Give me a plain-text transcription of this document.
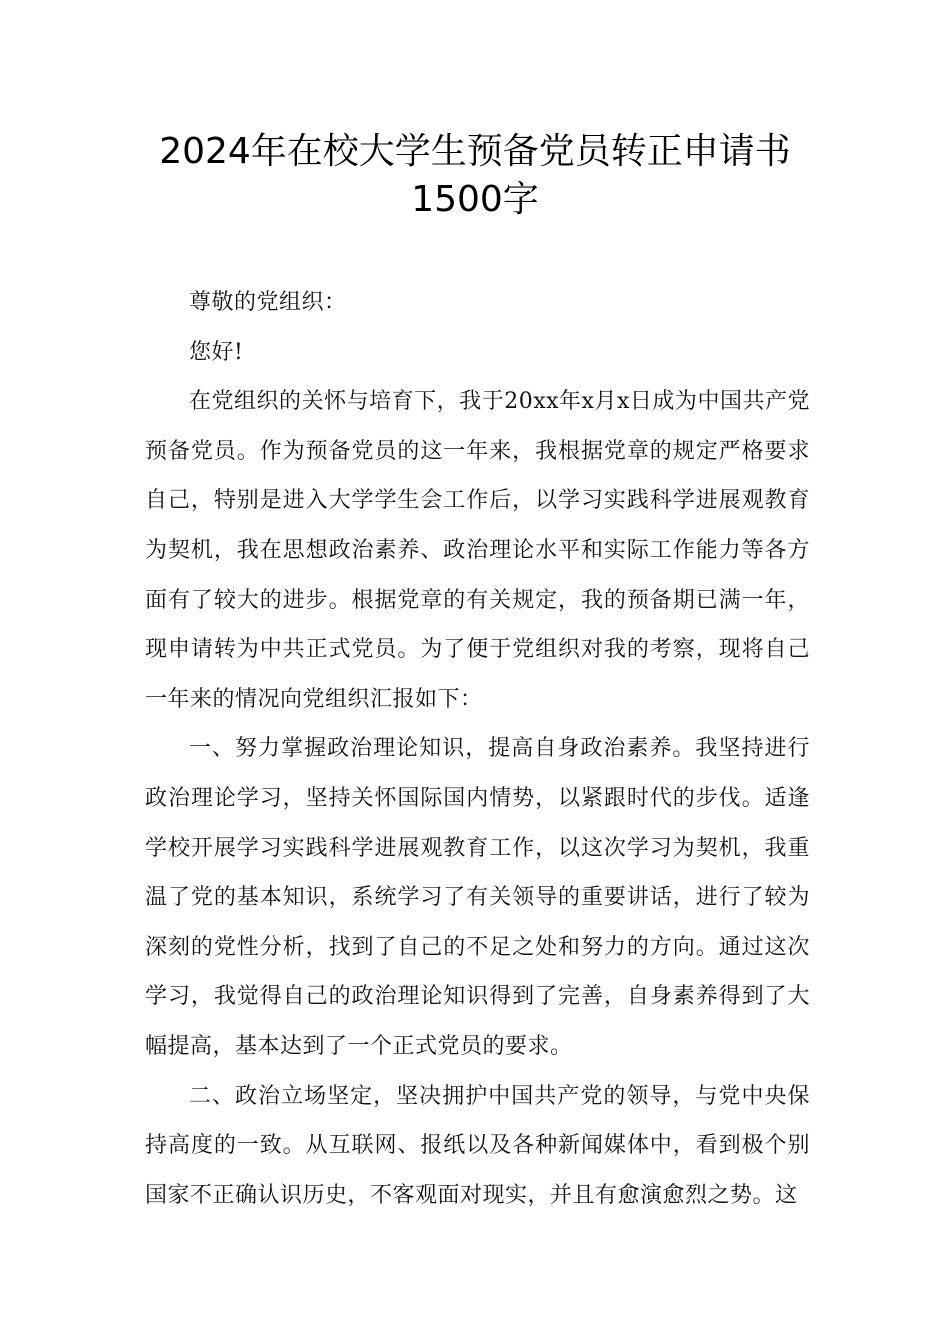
2024年在校大学生预备党员转正申请书
1500字

尊敬的党组织：

您好!

在党组织的关怀与培育下，我于20xx年x月x日成为中国共产党预备党员。作为预备党员的这一年来，我根据党章的规定严格要求自己，特别是进入大学学生会工作后，以学习实践科学进展观教育为契机，我在思想政治素养、政治理论水平和实际工作能力等各方面有了较大的进步。根据党章的有关规定，我的预备期已满一年，现申请转为中共正式党员。为了便于党组织对我的考察，现将自己一年来的情况向党组织汇报如下：

一、努力掌握政治理论知识，提高自身政治素养。我坚持进行政治理论学习，坚持关怀国际国内情势，以紧跟时代的步伐。适逢学校开展学习实践科学进展观教育工作，以这次学习为契机，我重温了党的基本知识，系统学习了有关领导的重要讲话，进行了较为深刻的党性分析，找到了自己的不足之处和努力的方向。通过这次学习，我觉得自己的政治理论知识得到了完善，自身素养得到了大幅提高，基本达到了一个正式党员的要求。

二、政治立场坚定，坚决拥护中国共产党的领导，与党中央保持高度的一致。从互联网、报纸以及各种新闻媒体中，看到极个别国家不正确认识历史，不客观面对现实，并且有愈演愈烈之势。这
